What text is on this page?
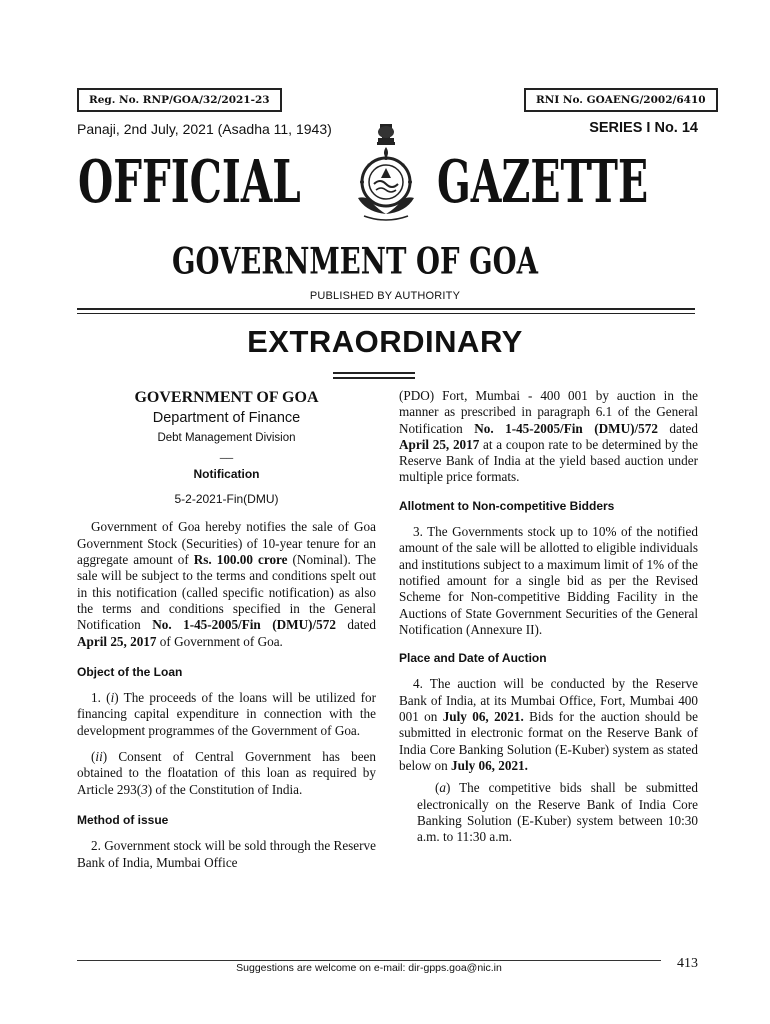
Reg. No. RNP/GOA/32/2021-23	RNI No. GOAENG/2002/6410
Panaji, 2nd July, 2021 (Asadha 11, 1943)	SERIES I No. 14
OFFICIAL	GAZETTE
GOVERNMENT OF GOA
PUBLISHED BY AUTHORITY
EXTRAORDINARY
GOVERNMENT OF GOA
Department of Finance
Debt Management Division
__
Notification
5-2-2021-Fin(DMU)

Government of Goa hereby notifies the sale of Goa Government Stock (Securities) of 10-year tenure for an aggregate amount of Rs. 100.00 crore (Nominal). The sale will be subject to the terms and conditions spelt out in this notification (called specific notification) as also the terms and conditions specified in the General Notification No. 1-45-2005/Fin (DMU)/572 dated April 25, 2017 of Government of Goa.

Object of the Loan

1. (i) The proceeds of the loans will be utilized for financing capital expenditure in connection with the development programmes of the Government of Goa.

(ii) Consent of Central Government has been obtained to the floatation of this loan as required by Article 293(3) of the Constitution of India.

Method of issue

2. Government stock will be sold through the Reserve Bank of India, Mumbai Office

(PDO) Fort, Mumbai - 400 001 by auction in the manner as prescribed in paragraph 6.1 of the General Notification No. 1-45-2005/Fin (DMU)/572 dated April 25, 2017 at a coupon rate to be determined by the Reserve Bank of India at the yield based auction under multiple price formats.

Allotment to Non-competitive Bidders

3. The Governments stock up to 10% of the notified amount of the sale will be allotted to eligible individuals and institutions subject to a maximum limit of 1% of the notified amount for a single bid as per the Revised Scheme for Non-competitive Bidding Facility in the Auctions of State Government Securities of the General Notification (Annexure II).

Place and Date of Auction

4. The auction will be conducted by the Reserve Bank of India, at its Mumbai Office, Fort, Mumbai 400 001 on July 06, 2021. Bids for the auction should be submitted in electronic format on the Reserve Bank of India Core Banking Solution (E-Kuber) system as stated below on July 06, 2021.

(a) The competitive bids shall be submitted electronically on the Reserve Bank of India Core Banking Solution (E-Kuber) system between 10:30 a.m. to 11:30 a.m.

Suggestions are welcome on e-mail: dir-gpps.goa@nic.in	413
